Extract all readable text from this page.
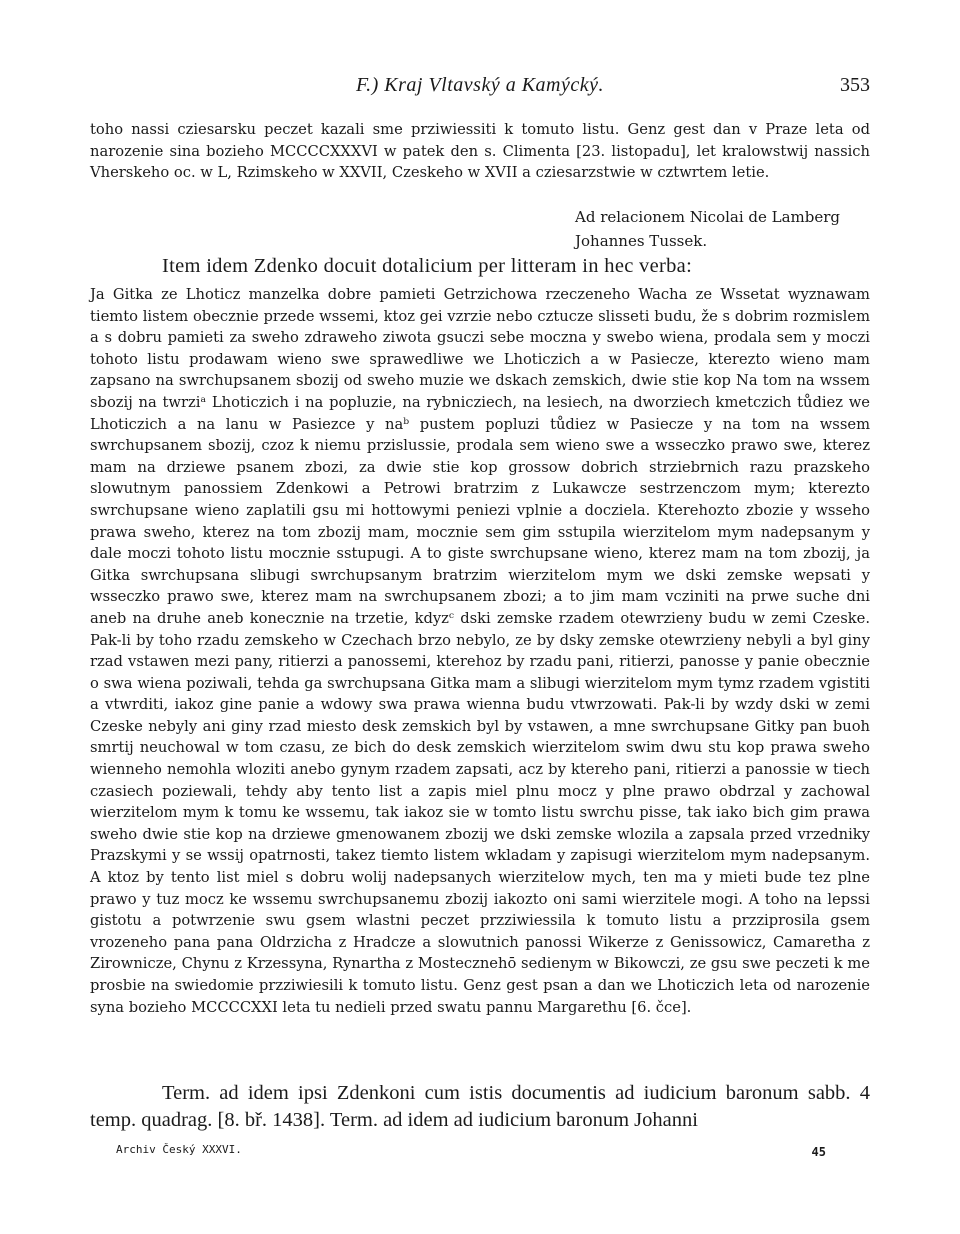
F.) Kraj Vltavský a Kamýcký.	353

toho nassi cziesarsku peczet kazali sme prziwiessiti k tomuto listu. Genz gest dan v Praze leta od narozenie sina bozieho MCCCCXXXVI w patek den s. Climenta [23. listopadu], let kralowstwij nassich Vherskeho oc. w L, Rzimskeho w XXVII, Czeskeho w XVII a cziesarzstwie w cztwrtem letie.

Ad relacionem Nicolai de Lamberg
Johannes Tussek.
Item idem Zdenko docuit dotalicium per litteram in hec verba:

Ja Gitka ze Lhoticz manzelka dobre pamieti Getrzichowa rzeczeneho Wacha ze Wssetat wyznawam tiemto listem obecznie przede wssemi, ktoz gei vzrzie nebo cztucze slisseti budu, že s dobrim rozmislem a s dobru pamieti za sweho zdraweho ziwota gsuczi sebe moczna y swebo wiena, prodala sem y moczi tohoto listu prodawam wieno swe sprawedliwe we Lhoticzich a w Pasiecze, kterezto wieno mam zapsano na swrchupsanem sbozij od sweho muzie we dskach zemskich, dwie stie kop Na tom na wssem sbozij na twrziᵃ Lhoticzich i na popluzie, na rybnicziech, na lesiech, na dworziech kmetczich tůdiez we Lhoticzich a na lanu w Pasiezce y naᵇ pustem popluzi tůdiez w Pasiecze y na tom na wssem swrchupsanem sbozij, czoz k niemu przislussie, prodala sem wieno swe a wsseczko prawo swe, kterez mam na drziewe psanem zbozi, za dwie stie kop grossow dobrich strziebrnich razu prazskeho slowutnym panossiem Zdenkowi a Petrowi bratrzim z Lukawcze sestrzenczom mym; kterezto swrchupsane wieno zaplatili gsu mi hottowymi peniezi vplnie a docziela. Kterehozto zbozie y wsseho prawa sweho, kterez na tom zbozij mam, mocznie sem gim sstupila wierzitelom mym nadepsanym y dale moczi tohoto listu mocznie sstupugi. A to giste swrchupsane wieno, kterez mam na tom zbozij, ja Gitka swrchupsana slibugi swrchupsanym bratrzim wierzitelom mym we dski zemske wepsati y wsseczko prawo swe, kterez mam na swrchupsanem zbozi; a to jim mam vcziniti na prwe suche dni aneb na druhe aneb konecznie na trzetie, kdyzᶜ dski zemske rzadem otewrzieny budu w zemi Czeske. Pak-li by toho rzadu zemskeho w Czechach brzo nebylo, ze by dsky zemske otewrzieny nebyli a byl giny rzad vstawen mezi pany, ritierzi a panossemi, kterehoz by rzadu pani, ritierzi, panosse y panie obecznie o swa wiena poziwali, tehda ga swrchupsana Gitka mam a slibugi wierzitelom mym tymz rzadem vgistiti a vtwrditi, iakoz gine panie a wdowy swa prawa wienna budu vtwrzowati. Pak-li by wzdy dski w zemi Czeske nebyly ani giny rzad miesto desk zemskich byl by vstawen, a mne swrchupsane Gitky pan buoh smrtij neuchowal w tom czasu, ze bich do desk zemskich wierzitelom swim dwu stu kop prawa sweho wienneho nemohla wloziti anebo gynym rzadem zapsati, acz by ktereho pani, ritierzi a panossie w tiech czasiech poziewali, tehdy aby tento list a zapis miel plnu mocz y plne prawo obdrzal y zachowal wierzitelom mym k tomu ke wssemu, tak iakoz sie w tomto listu swrchu pisse, tak iako bich gim prawa sweho dwie stie kop na drziewe gmenowanem zbozij we dski zemske wlozila a zapsala przed vrzedniky Prazskymi y se wssij opatrnosti, takez tiemto listem wkladam y zapisugi wierzitelom mym nadepsanym. A ktoz by tento list miel s dobru wolij nadepsanych wierzitelow mych, ten ma y mieti bude tez plne prawo y tuz mocz ke wssemu swrchupsanemu zbozij iakozto oni sami wierzitele mogi. A toho na lepssi gistotu a potwrzenie swu gsem wlastni peczet przziwiessila k tomuto listu a przziprosila gsem vrozeneho pana pana Oldrzicha z Hradcze a slowutnich panossi Wikerze z Genissowicz, Camaretha z Zirownicze, Chynu z Krzessyna, Rynartha z Mostecznehō sedienym w Bikowczi, ze gsu swe peczeti k me prosbie na swiedomie przziwiesili k tomuto listu. Genz gest psan a dan we Lhoticzich leta od narozenie syna bozieho MCCCCXXI leta tu nedieli przed swatu pannu Margarethu [6. čce].

Term. ad idem ipsi Zdenkoni cum istis documentis ad iudicium baronum sabb. 4 temp. quadrag. [8. bř. 1438]. Term. ad idem ad iudicium baronum Johanni

Archiv Český XXXVI.	45
